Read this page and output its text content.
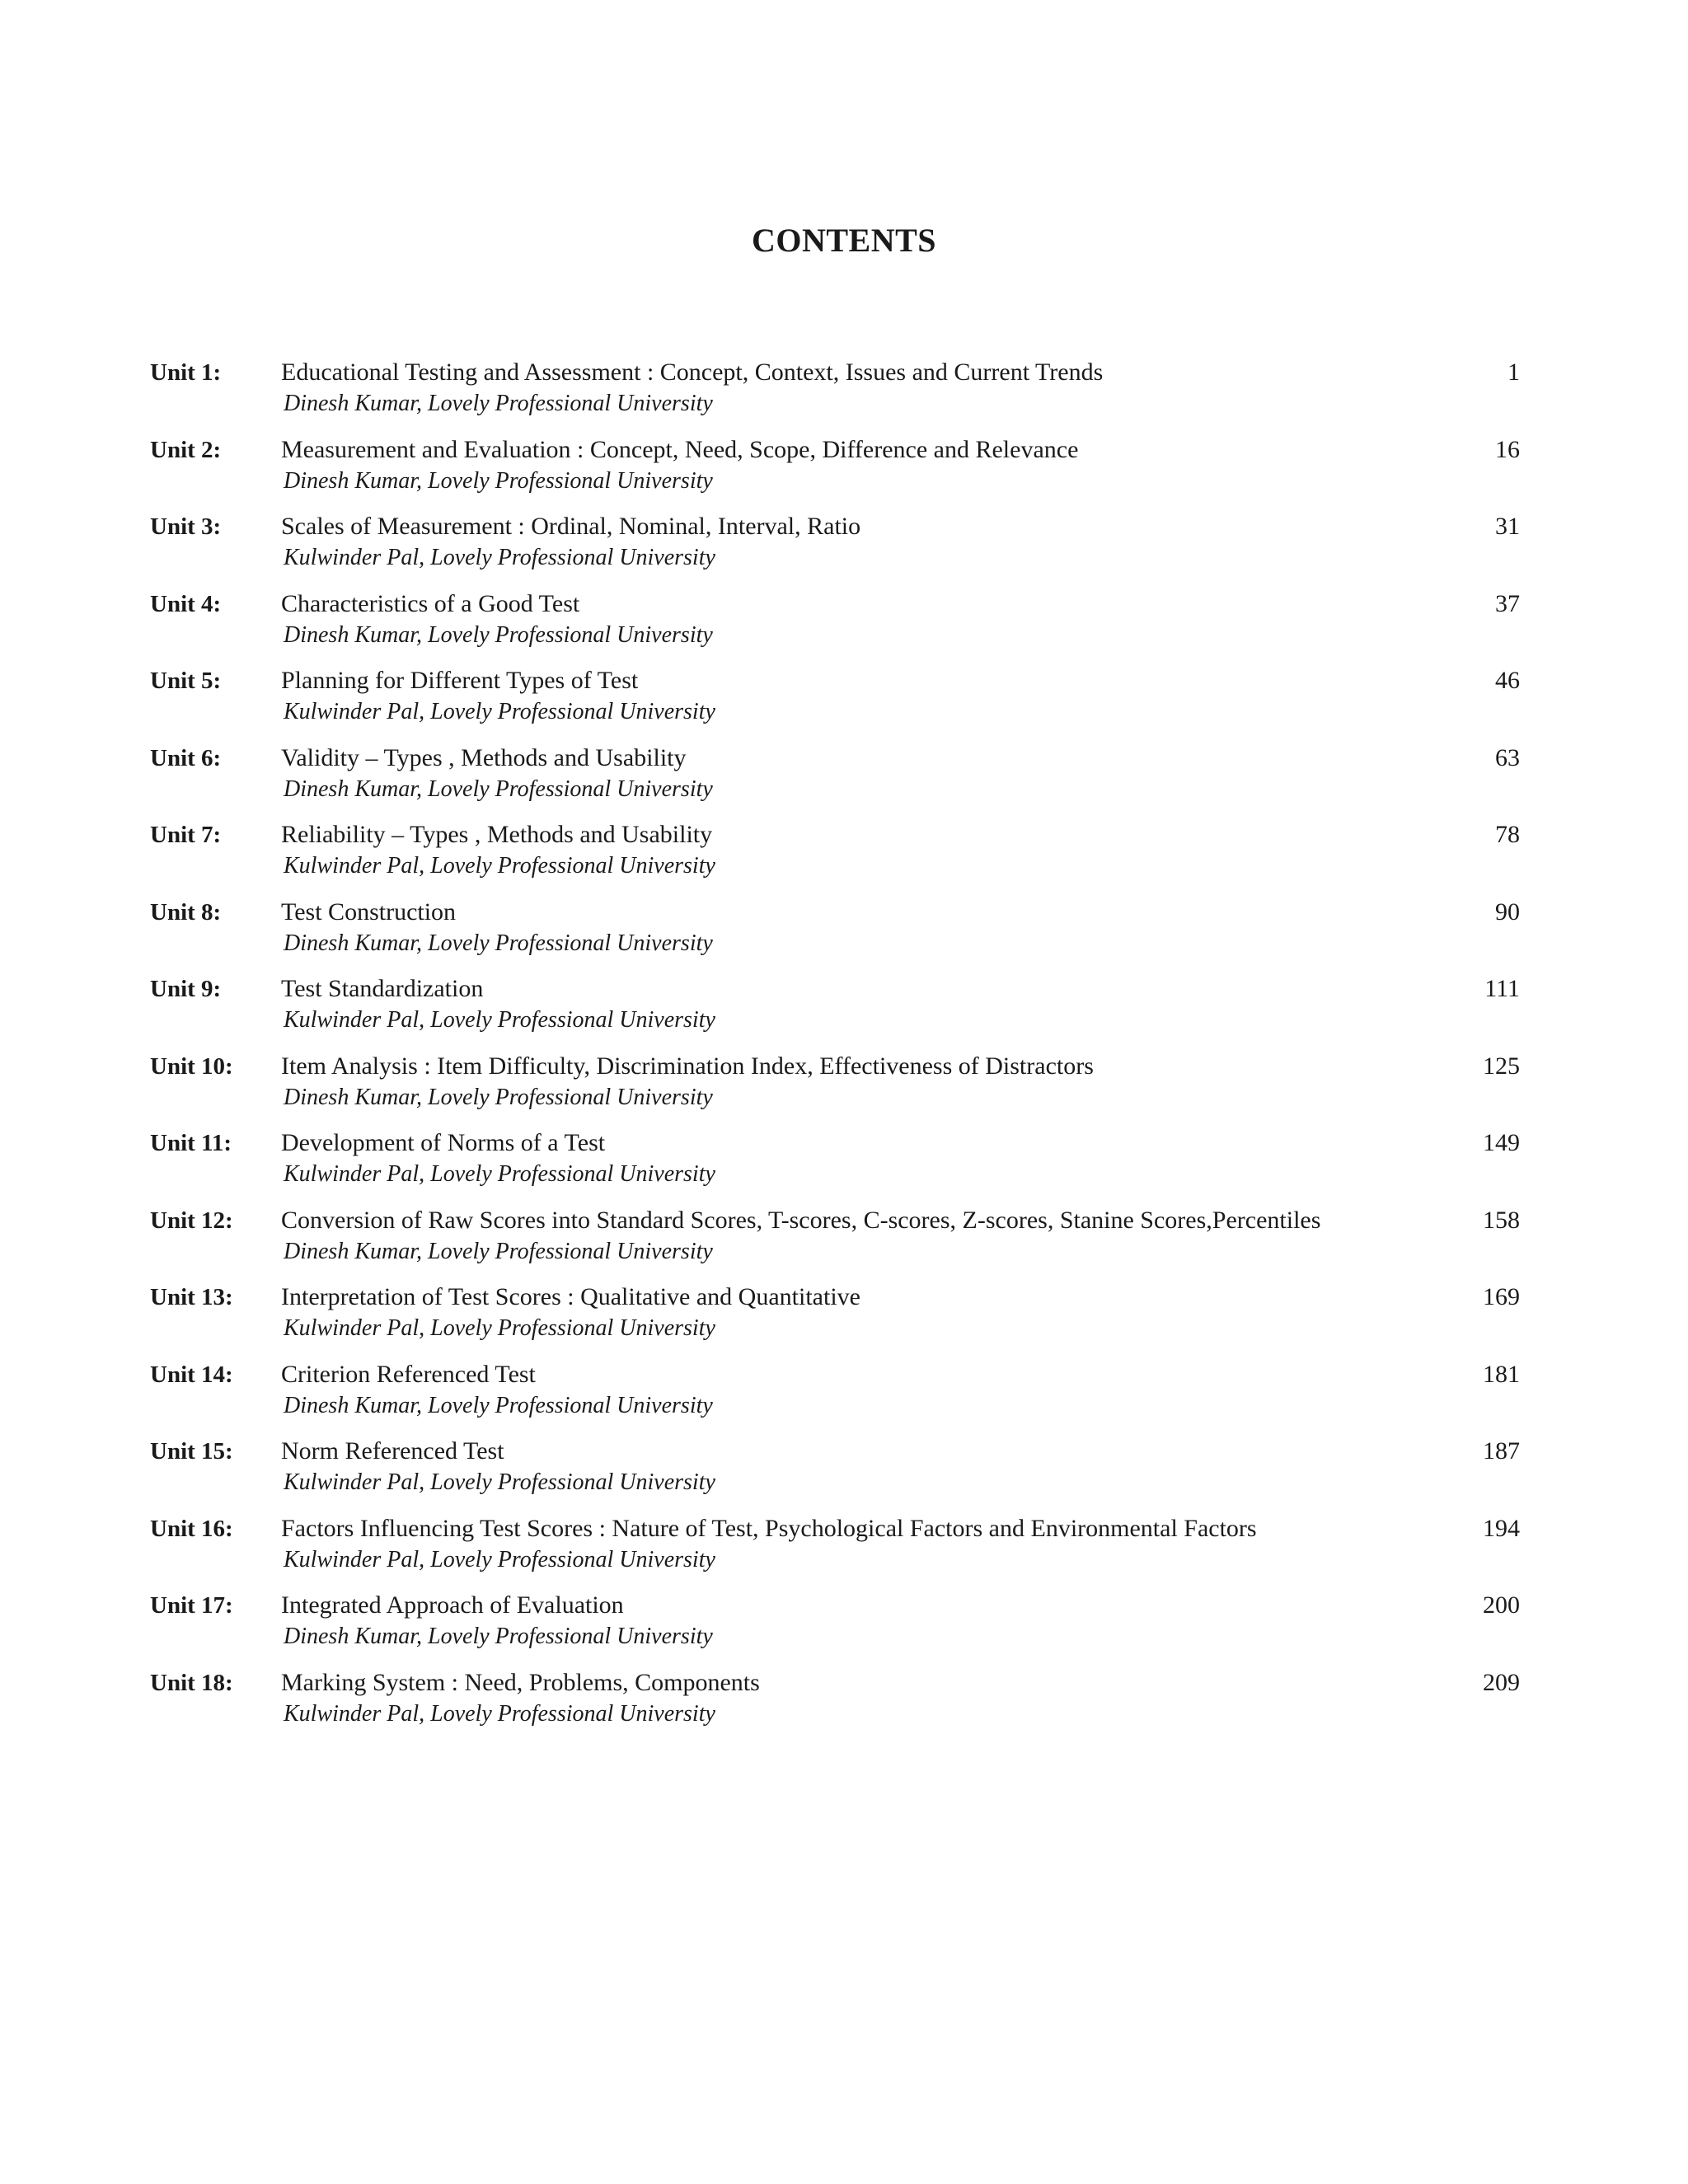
CONTENTS
Unit 1: Educational Testing and Assessment : Concept, Context, Issues and Current Trends
Dinesh Kumar, Lovely Professional University
1
Unit 2: Measurement and Evaluation : Concept, Need, Scope, Difference and Relevance
Dinesh Kumar, Lovely Professional University
16
Unit 3: Scales of Measurement : Ordinal, Nominal, Interval, Ratio
Kulwinder Pal, Lovely Professional University
31
Unit 4: Characteristics of a Good Test
Dinesh Kumar, Lovely Professional University
37
Unit 5: Planning for Different Types of Test
Kulwinder Pal, Lovely Professional University
46
Unit 6: Validity – Types , Methods and Usability
Dinesh Kumar, Lovely Professional University
63
Unit 7: Reliability – Types , Methods and Usability
Kulwinder Pal, Lovely Professional University
78
Unit 8: Test Construction
Dinesh Kumar, Lovely Professional University
90
Unit 9: Test Standardization
Kulwinder Pal, Lovely Professional University
111
Unit 10: Item Analysis : Item Difficulty, Discrimination Index, Effectiveness of Distractors
Dinesh Kumar, Lovely Professional University
125
Unit 11: Development of Norms of a Test
Kulwinder Pal, Lovely Professional University
149
Unit 12: Conversion of Raw Scores into Standard Scores, T-scores, C-scores, Z-scores, Stanine Scores,Percentiles
Dinesh Kumar, Lovely Professional University
158
Unit 13: Interpretation of Test Scores : Qualitative and Quantitative
Kulwinder Pal, Lovely Professional University
169
Unit 14: Criterion Referenced Test
Dinesh Kumar, Lovely Professional University
181
Unit 15: Norm Referenced Test
Kulwinder Pal, Lovely Professional University
187
Unit 16: Factors Influencing Test Scores : Nature of Test, Psychological Factors and Environmental Factors
Kulwinder Pal, Lovely Professional University
194
Unit 17: Integrated Approach of Evaluation
Dinesh Kumar, Lovely Professional University
200
Unit 18: Marking System : Need, Problems, Components
Kulwinder Pal, Lovely Professional University
209
